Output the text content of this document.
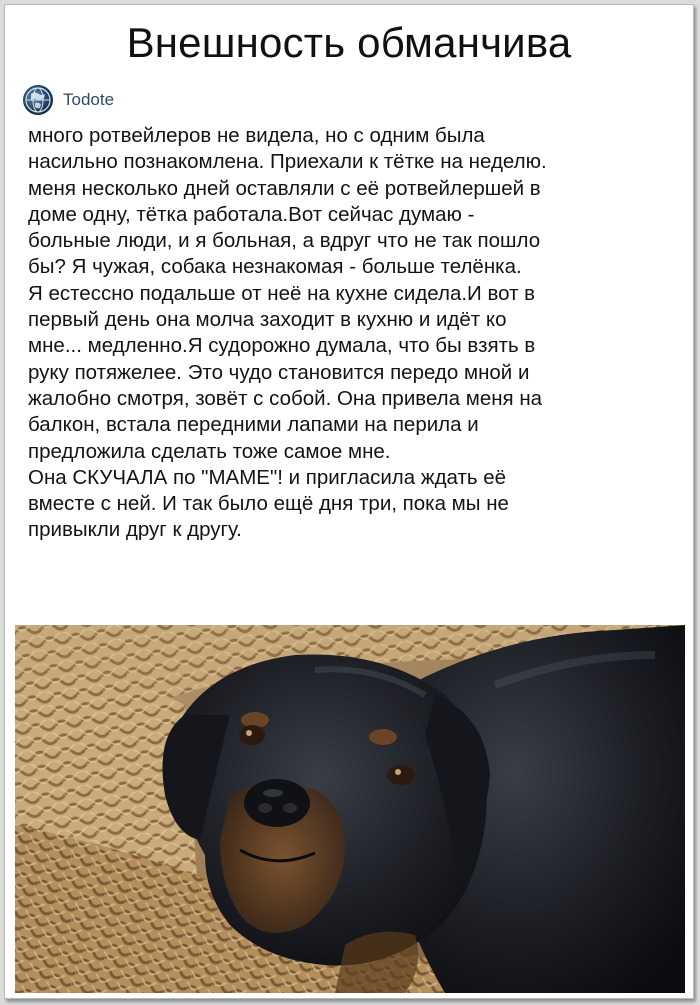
Внешность обманчива
Todote
много ротвейлеров не видела, но с одним была
насильно познакомлена. Приехали к тётке на неделю.
меня несколько дней оставляли с её ротвейлершей в
доме одну, тётка работала.Вот сейчас думаю -
больные люди, и я больная, а вдруг что не так пошло
бы? Я чужая, собака незнакомая - больше телёнка.
Я естессно подальше от неё на кухне сидела.И вот в
первый день она молча заходит в кухню и идёт ко
мне... медленно.Я судорожно думала, что бы взять в
руку потяжелее. Это чудо становится передо мной и
жалобно смотря, зовёт с собой. Она привела меня на
балкон, встала передними лапами на перила и
предложила сделать тоже самое мне.
Она СКУЧАЛА по "МАМЕ"! и пригласила ждать её
вместе с ней. И так было ещё дня три, пока мы не
привыкли друг к другу.
